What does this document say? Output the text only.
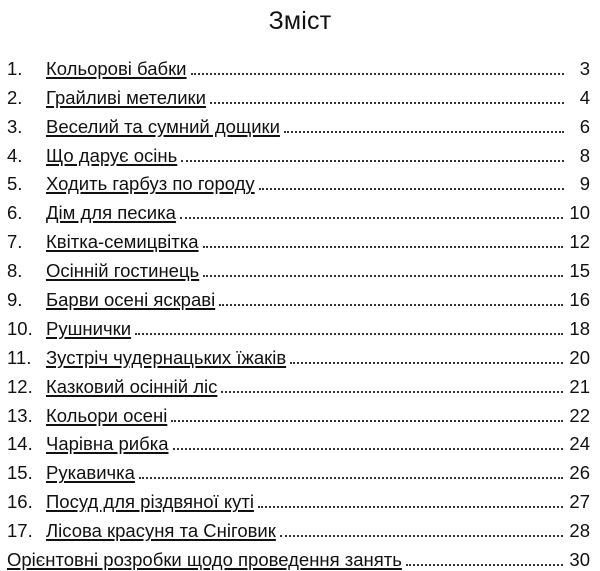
Зміст
1.	Кольорові бабки	3
2.	Грайливі метелики	4
3.	Веселий та сумний дощики	6
4.	Що дарує осінь	8
5.	Ходить гарбуз по городу	9
6.	Дім для песика	10
7.	Квітка-семицвітка	12
8.	Осінній гостинець	15
9.	Барви осені яскраві	16
10. Рушнички	18
11. Зустріч чудернацьких їжаків	20
12. Казковий осінній ліс	21
13. Кольори осені	22
14. Чарівна рибка	24
15. Рукавичка	26
16. Посуд для різдвяної куті	27
17. Лісова красуня та Сніговик	28
Орієнтовні розробки щодо проведення занять	30
